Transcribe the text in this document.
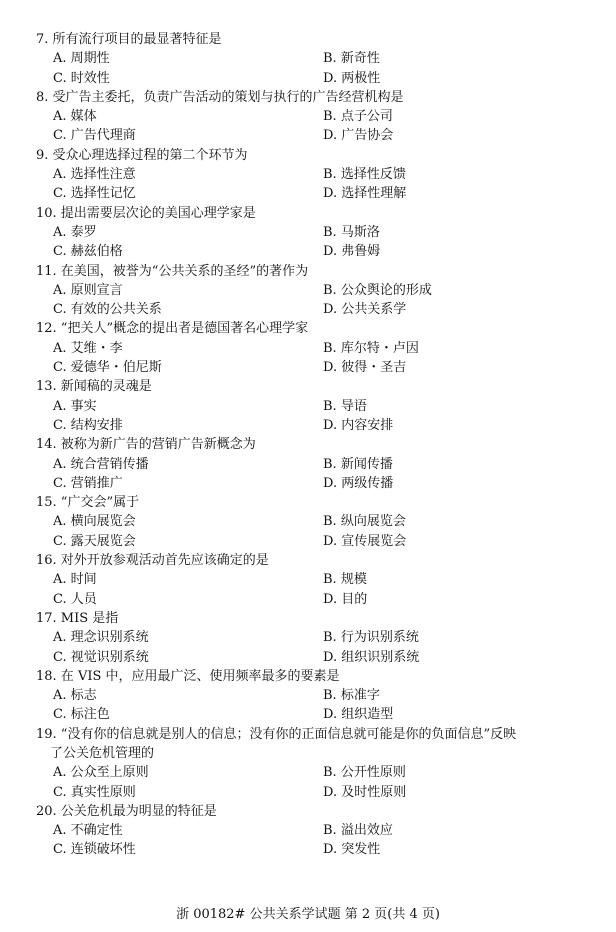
7. 所有流行项目的最显著特征是
A. 周期性	B. 新奇性
C. 时效性	D. 两极性
8. 受广告主委托，负责广告活动的策划与执行的广告经营机构是
A. 媒体	B. 点子公司
C. 广告代理商	D. 广告协会
9. 受众心理选择过程的第二个环节为
A. 选择性注意	B. 选择性反馈
C. 选择性记忆	D. 选择性理解
10. 提出需要层次论的美国心理学家是
A. 泰罗	B. 马斯洛
C. 赫兹伯格	D. 弗鲁姆
11. 在美国，被誉为“公共关系的圣经”的著作为
A. 原则宣言	B. 公众舆论的形成
C. 有效的公共关系	D. 公共关系学
12. “把关人”概念的提出者是德国著名心理学家
A. 艾维・李	B. 库尔特・卢因
C. 爱德华・伯尼斯	D. 彼得・圣吉
13. 新闻稿的灵魂是
A. 事实	B. 导语
C. 结构安排	D. 内容安排
14. 被称为新广告的营销广告新概念为
A. 统合营销传播	B. 新闻传播
C. 营销推广	D. 两级传播
15. “广交会”属于
A. 横向展览会	B. 纵向展览会
C. 露天展览会	D. 宣传展览会
16. 对外开放参观活动首先应该确定的是
A. 时间	B. 规模
C. 人员	D. 目的
17. MIS 是指
A. 理念识别系统	B. 行为识别系统
C. 视觉识别系统	D. 组织识别系统
18. 在 VIS 中，应用最广泛、使用频率最多的要素是
A. 标志	B. 标准字
C. 标注色	D. 组织造型
19. “没有你的信息就是别人的信息；没有你的正面信息就可能是你的负面信息”反映
了公关危机管理的
A. 公众至上原则	B. 公开性原则
C. 真实性原则	D. 及时性原则
20. 公关危机最为明显的特征是
A. 不确定性	B. 溢出效应
C. 连锁破坏性	D. 突发性
浙 00182# 公共关系学试题 第 2 页(共 4 页)
